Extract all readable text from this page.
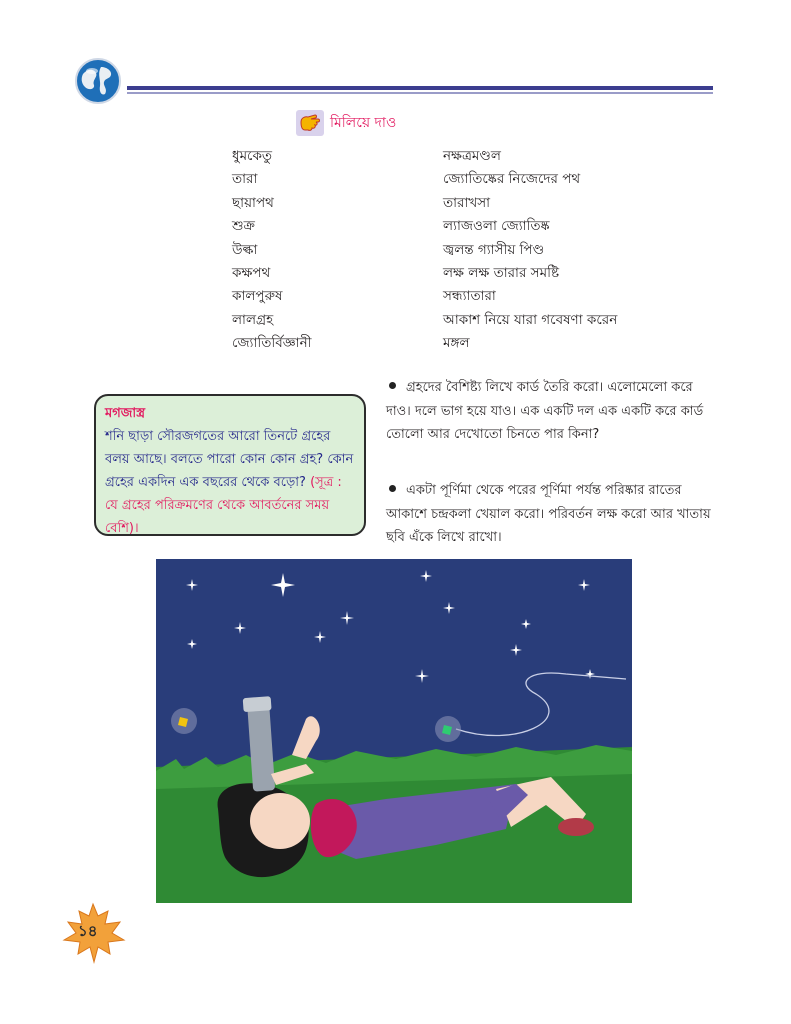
মিলিয়ে দাও
ধুমকেতু
তারা
ছায়াপথ
শুক্র
উল্কা
কক্ষপথ
কালপুরুষ
লালগ্রহ
জ্যোতির্বিজ্ঞানী
নক্ষত্রমণ্ডল
জ্যোতিষ্কের নিজেদের পথ
তারাখসা
ল্যাজওলা জ্যোতিষ্ক
জ্বলন্ত গ্যাসীয় পিণ্ড
লক্ষ লক্ষ তারার সমষ্টি
সন্ধ্যাতারা
আকাশ নিয়ে যারা গবেষণা করেন
মঙ্গল
মগজাস্ত্র
শনি ছাড়া সৌরজগতের আরো তিনটে গ্রহের বলয় আছে। বলতে পারো কোন কোন গ্রহ? কোন গ্রহের একদিন এক বছরের থেকে বড়ো? (সূত্র : যে গ্রহের পরিক্রমণের থেকে আবর্তনের সময় বেশি)।
গ্রহদের বৈশিষ্ট্য লিখে কার্ড তৈরি করো। এলোমেলো করে দাও। দলে ভাগ হয়ে যাও। এক একটি দল এক একটি করে কার্ড তোলো আর দেখোতো চিনতে পার কিনা?
একটা পূর্ণিমা থেকে পরের পূর্ণিমা পর্যন্ত পরিষ্কার রাতের আকাশে চন্দ্রকলা খেয়াল করো। পরিবর্তন লক্ষ করো আর খাতায় ছবি এঁকে লিখে রাখো।
১৪
